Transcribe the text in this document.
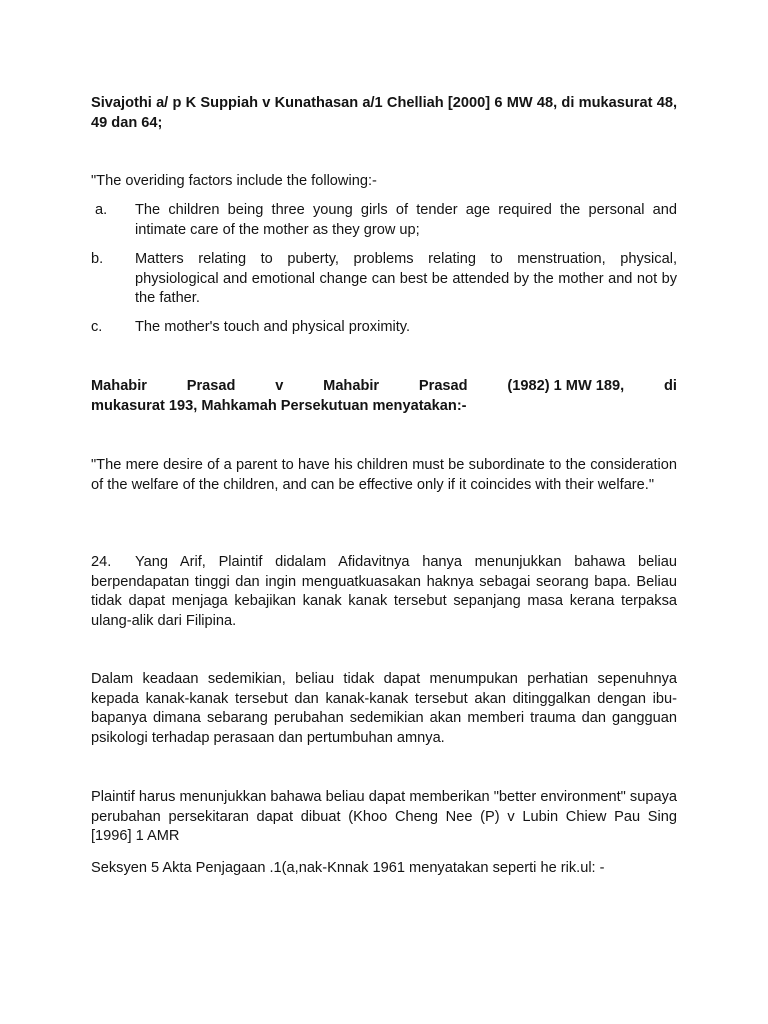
Sivajothi a/ p K Suppiah v Kunathasan a/1 Chelliah [2000] 6 MW 48, di mukasurat 48, 49 dan 64;

"The overiding factors include the following:-

a.	The children being three young girls of tender age required the personal and intimate care of the mother as they grow up;
b.	Matters relating to puberty, problems relating to menstruation, physical, physiological and emotional change can best be attended by the mother and not by the father.
c.	The mother's touch and physical proximity.
Mahabir	Prasad	v	Mahabir	Prasad	(1982) 1 MW 189,	di
mukasurat 193, Mahkamah Persekutuan menyatakan:-

"The mere desire of a parent to have his children must be subordinate to the consideration of the welfare of the children, and can be effective only if it coincides with their welfare."

24. Yang Arif, Plaintif didalam Afidavitnya hanya menunjukkan bahawa beliau berpendapatan tinggi dan ingin menguatkuasakan haknya sebagai seorang bapa. Beliau tidak dapat menjaga kebajikan kanak kanak tersebut sepanjang masa kerana terpaksa ulang-alik dari Filipina.

Dalam keadaan sedemikian, beliau tidak dapat menumpukan perhatian sepenuhnya kepada kanak-kanak tersebut dan kanak-kanak tersebut akan ditinggalkan dengan ibu-bapanya dimana sebarang perubahan sedemikian akan memberi trauma dan gangguan psikologi terhadap perasaan dan pertumbuhan amnya.

Plaintif harus menunjukkan bahawa beliau dapat memberikan "better environment" supaya perubahan persekitaran dapat dibuat (Khoo Cheng Nee (P) v Lubin Chiew Pau Sing [1996] 1 AMR

Seksyen 5 Akta Penjagaan .1(a,nak-Knnak 1961 menyatakan seperti he rik.ul: -
